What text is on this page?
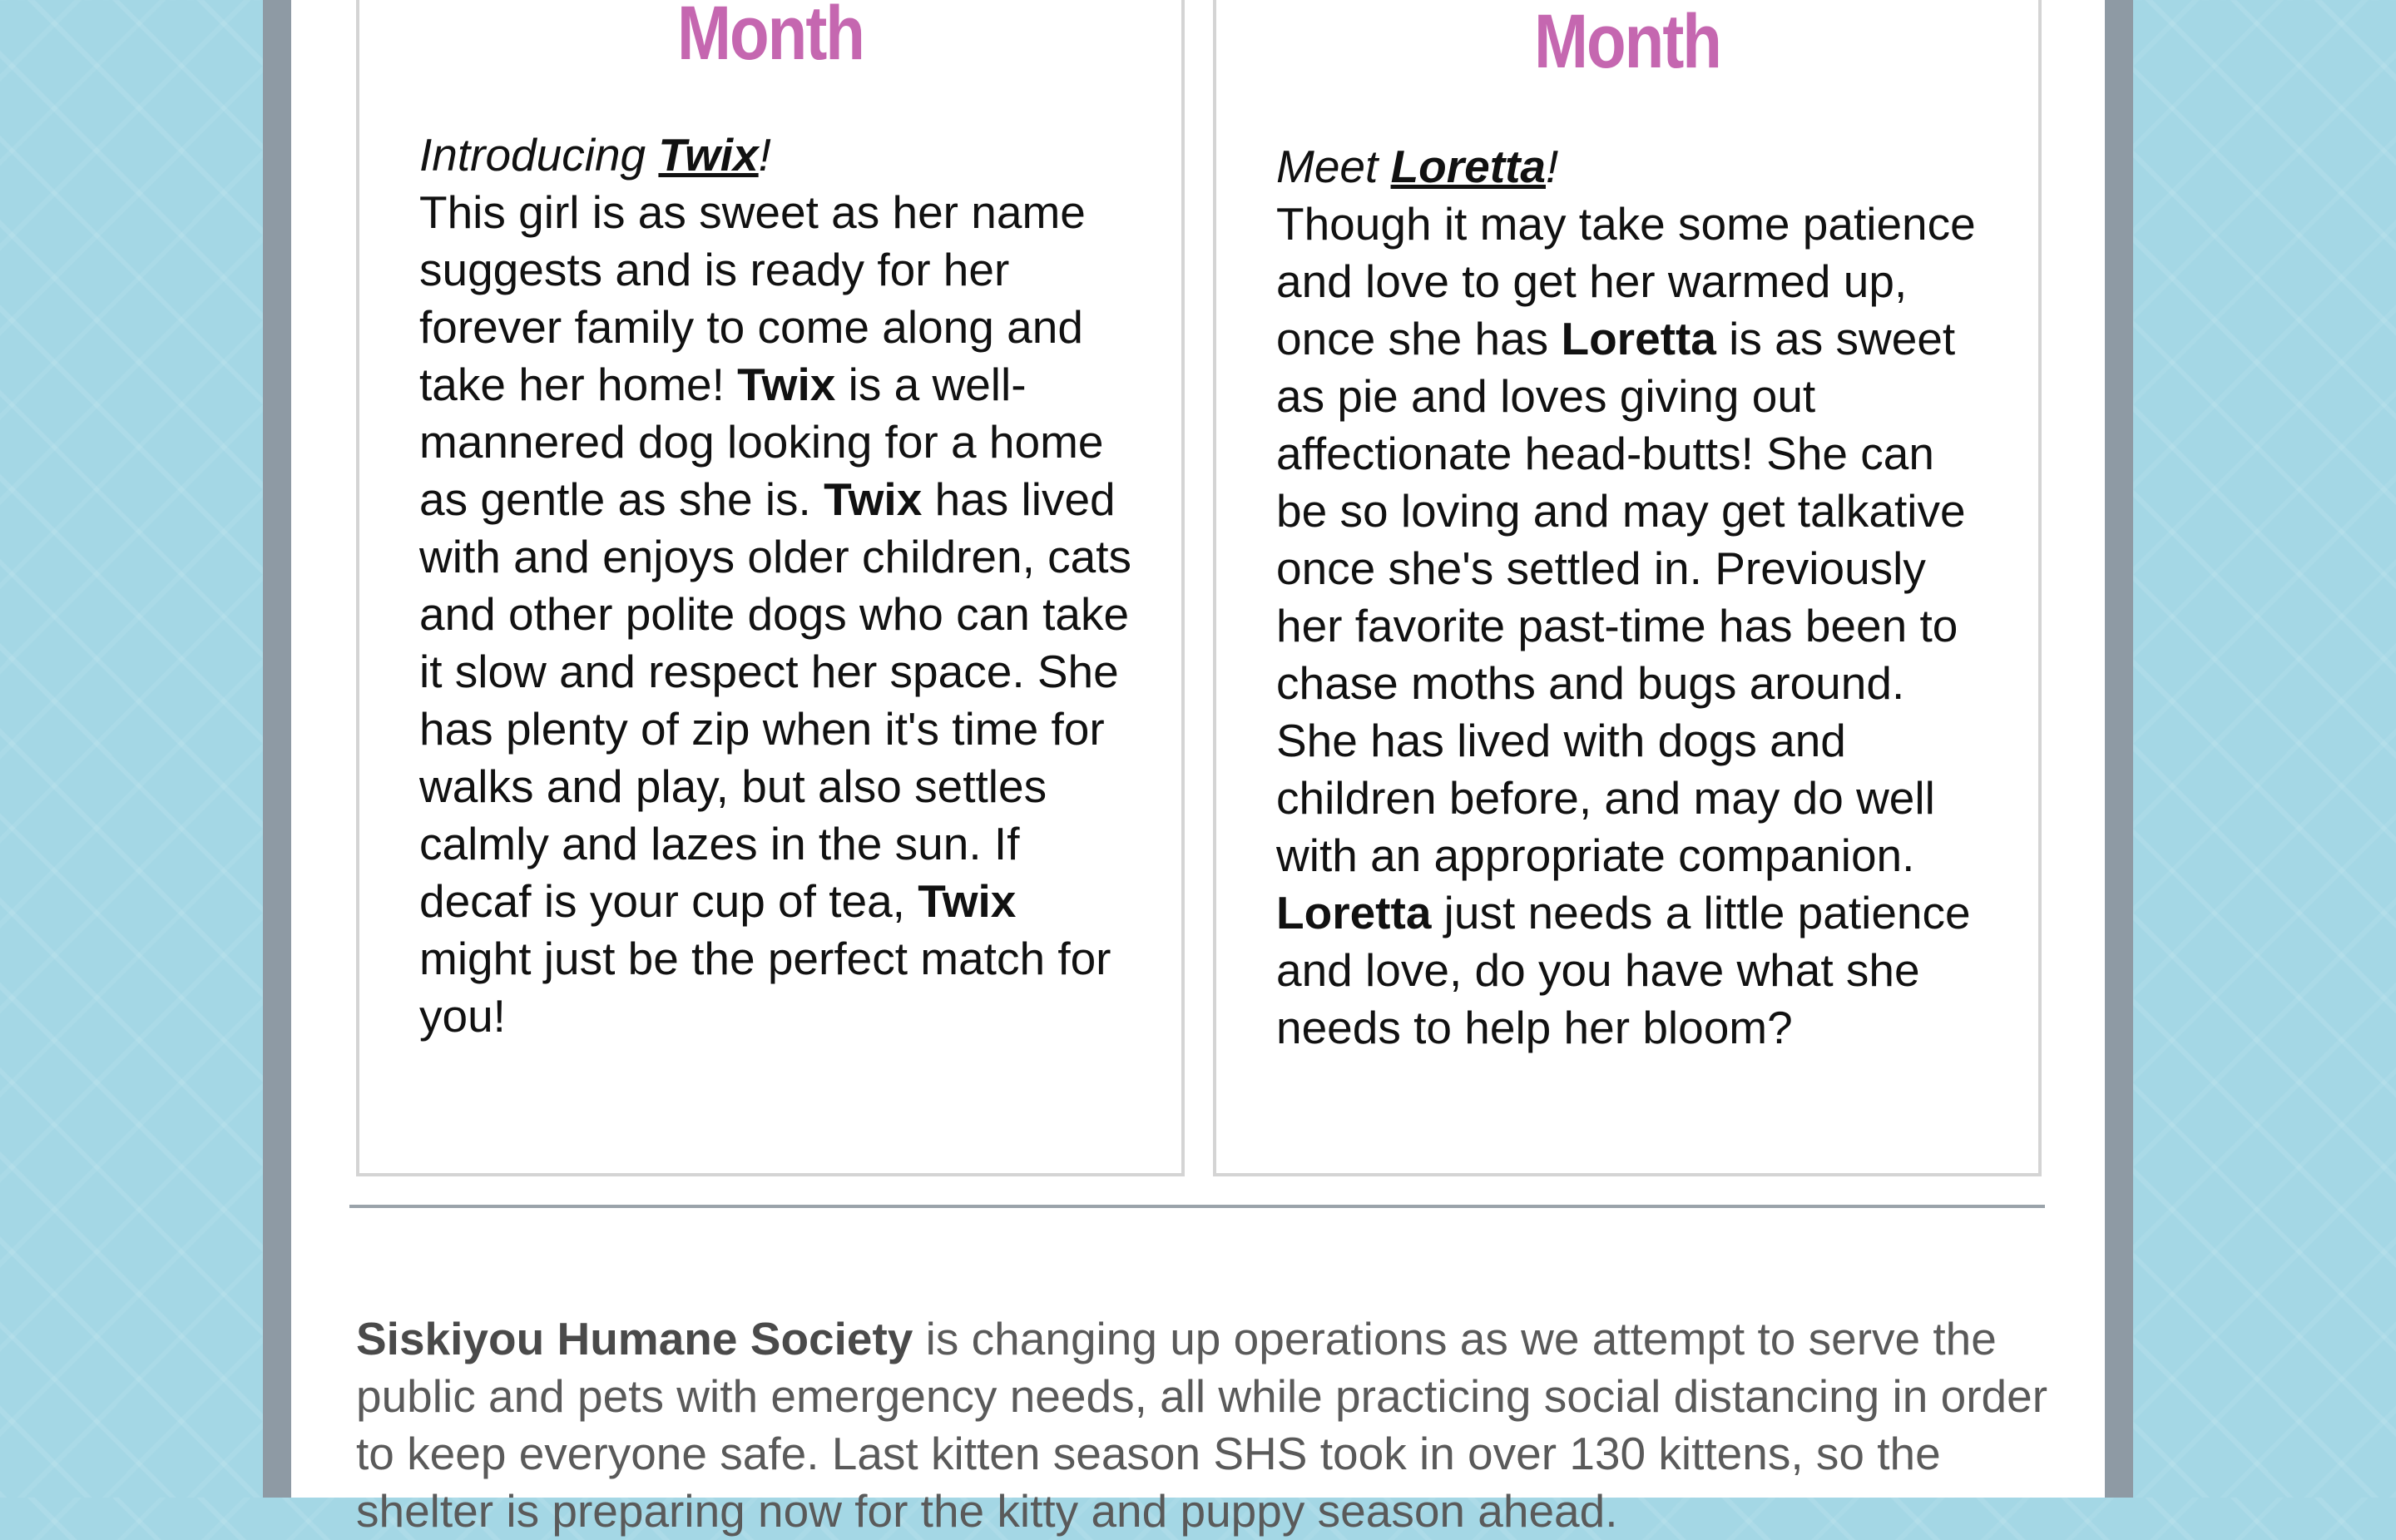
Month
Introducing Twix!
This girl is as sweet as her name suggests and is ready for her forever family to come along and take her home! Twix is a well-mannered dog looking for a home as gentle as she is. Twix has lived with and enjoys older children, cats and other polite dogs who can take it slow and respect her space. She has plenty of zip when it's time for walks and play, but also settles calmly and lazes in the sun. If decaf is your cup of tea, Twix might just be the perfect match for you!
Month
Meet Loretta!
Though it may take some patience and love to get her warmed up, once she has Loretta is as sweet as pie and loves giving out affectionate head-butts! She can be so loving and may get talkative once she's settled in. Previously her favorite past-time has been to chase moths and bugs around. She has lived with dogs and children before, and may do well with an appropriate companion. Loretta just needs a little patience and love, do you have what she needs to help her bloom?

Siskiyou Humane Society is changing up operations as we attempt to serve the public and pets with emergency needs, all while practicing social distancing in order to keep everyone safe. Last kitten season SHS took in over 130 kittens, so the shelter is preparing now for the kitty and puppy season ahead.
